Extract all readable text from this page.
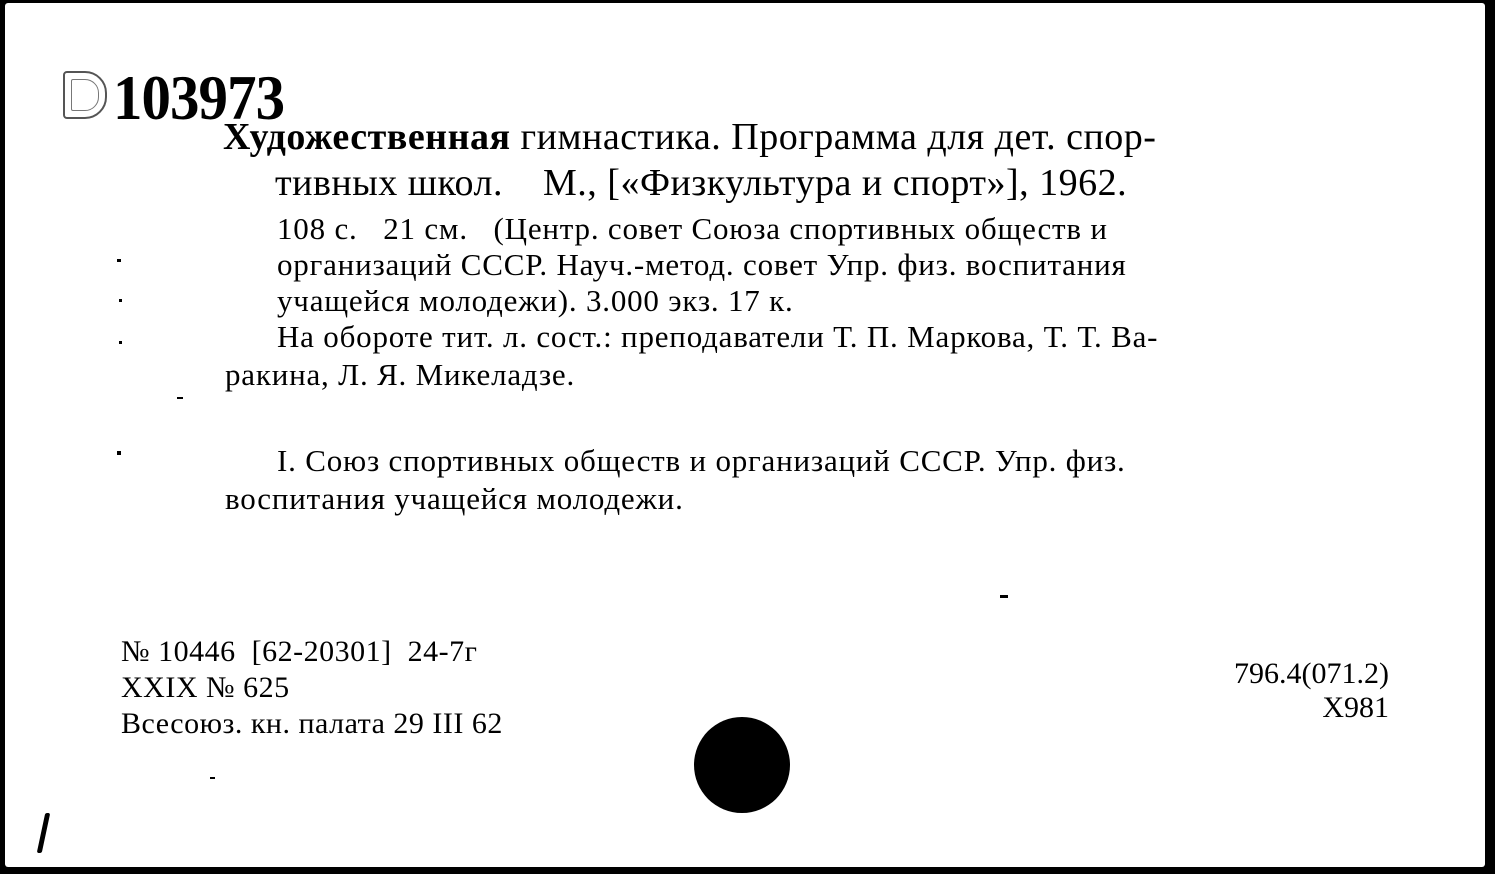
103973
Художественная гимнастика. Программа для дет. спор-
тивных школ.    М., [«Физкультура и спорт»], 1962.
108 с.   21 см.   (Центр. совет Союза спортивных обществ и
организаций СССР. Науч.-метод. совет Упр. физ. воспитания
учащейся молодежи). 3.000 экз. 17 к.
На обороте тит. л. сост.: преподаватели Т. П. Маркова, Т. Т. Ва-
ракина, Л. Я. Микеладзе.
I. Союз спортивных обществ и организаций СССР. Упр. физ.
воспитания учащейся молодежи.
№ 10446  [62-20301]  24-7г
XXIX № 625
Всесоюз. кн. палата 29 III 62
796.4(071.2)
Х981
